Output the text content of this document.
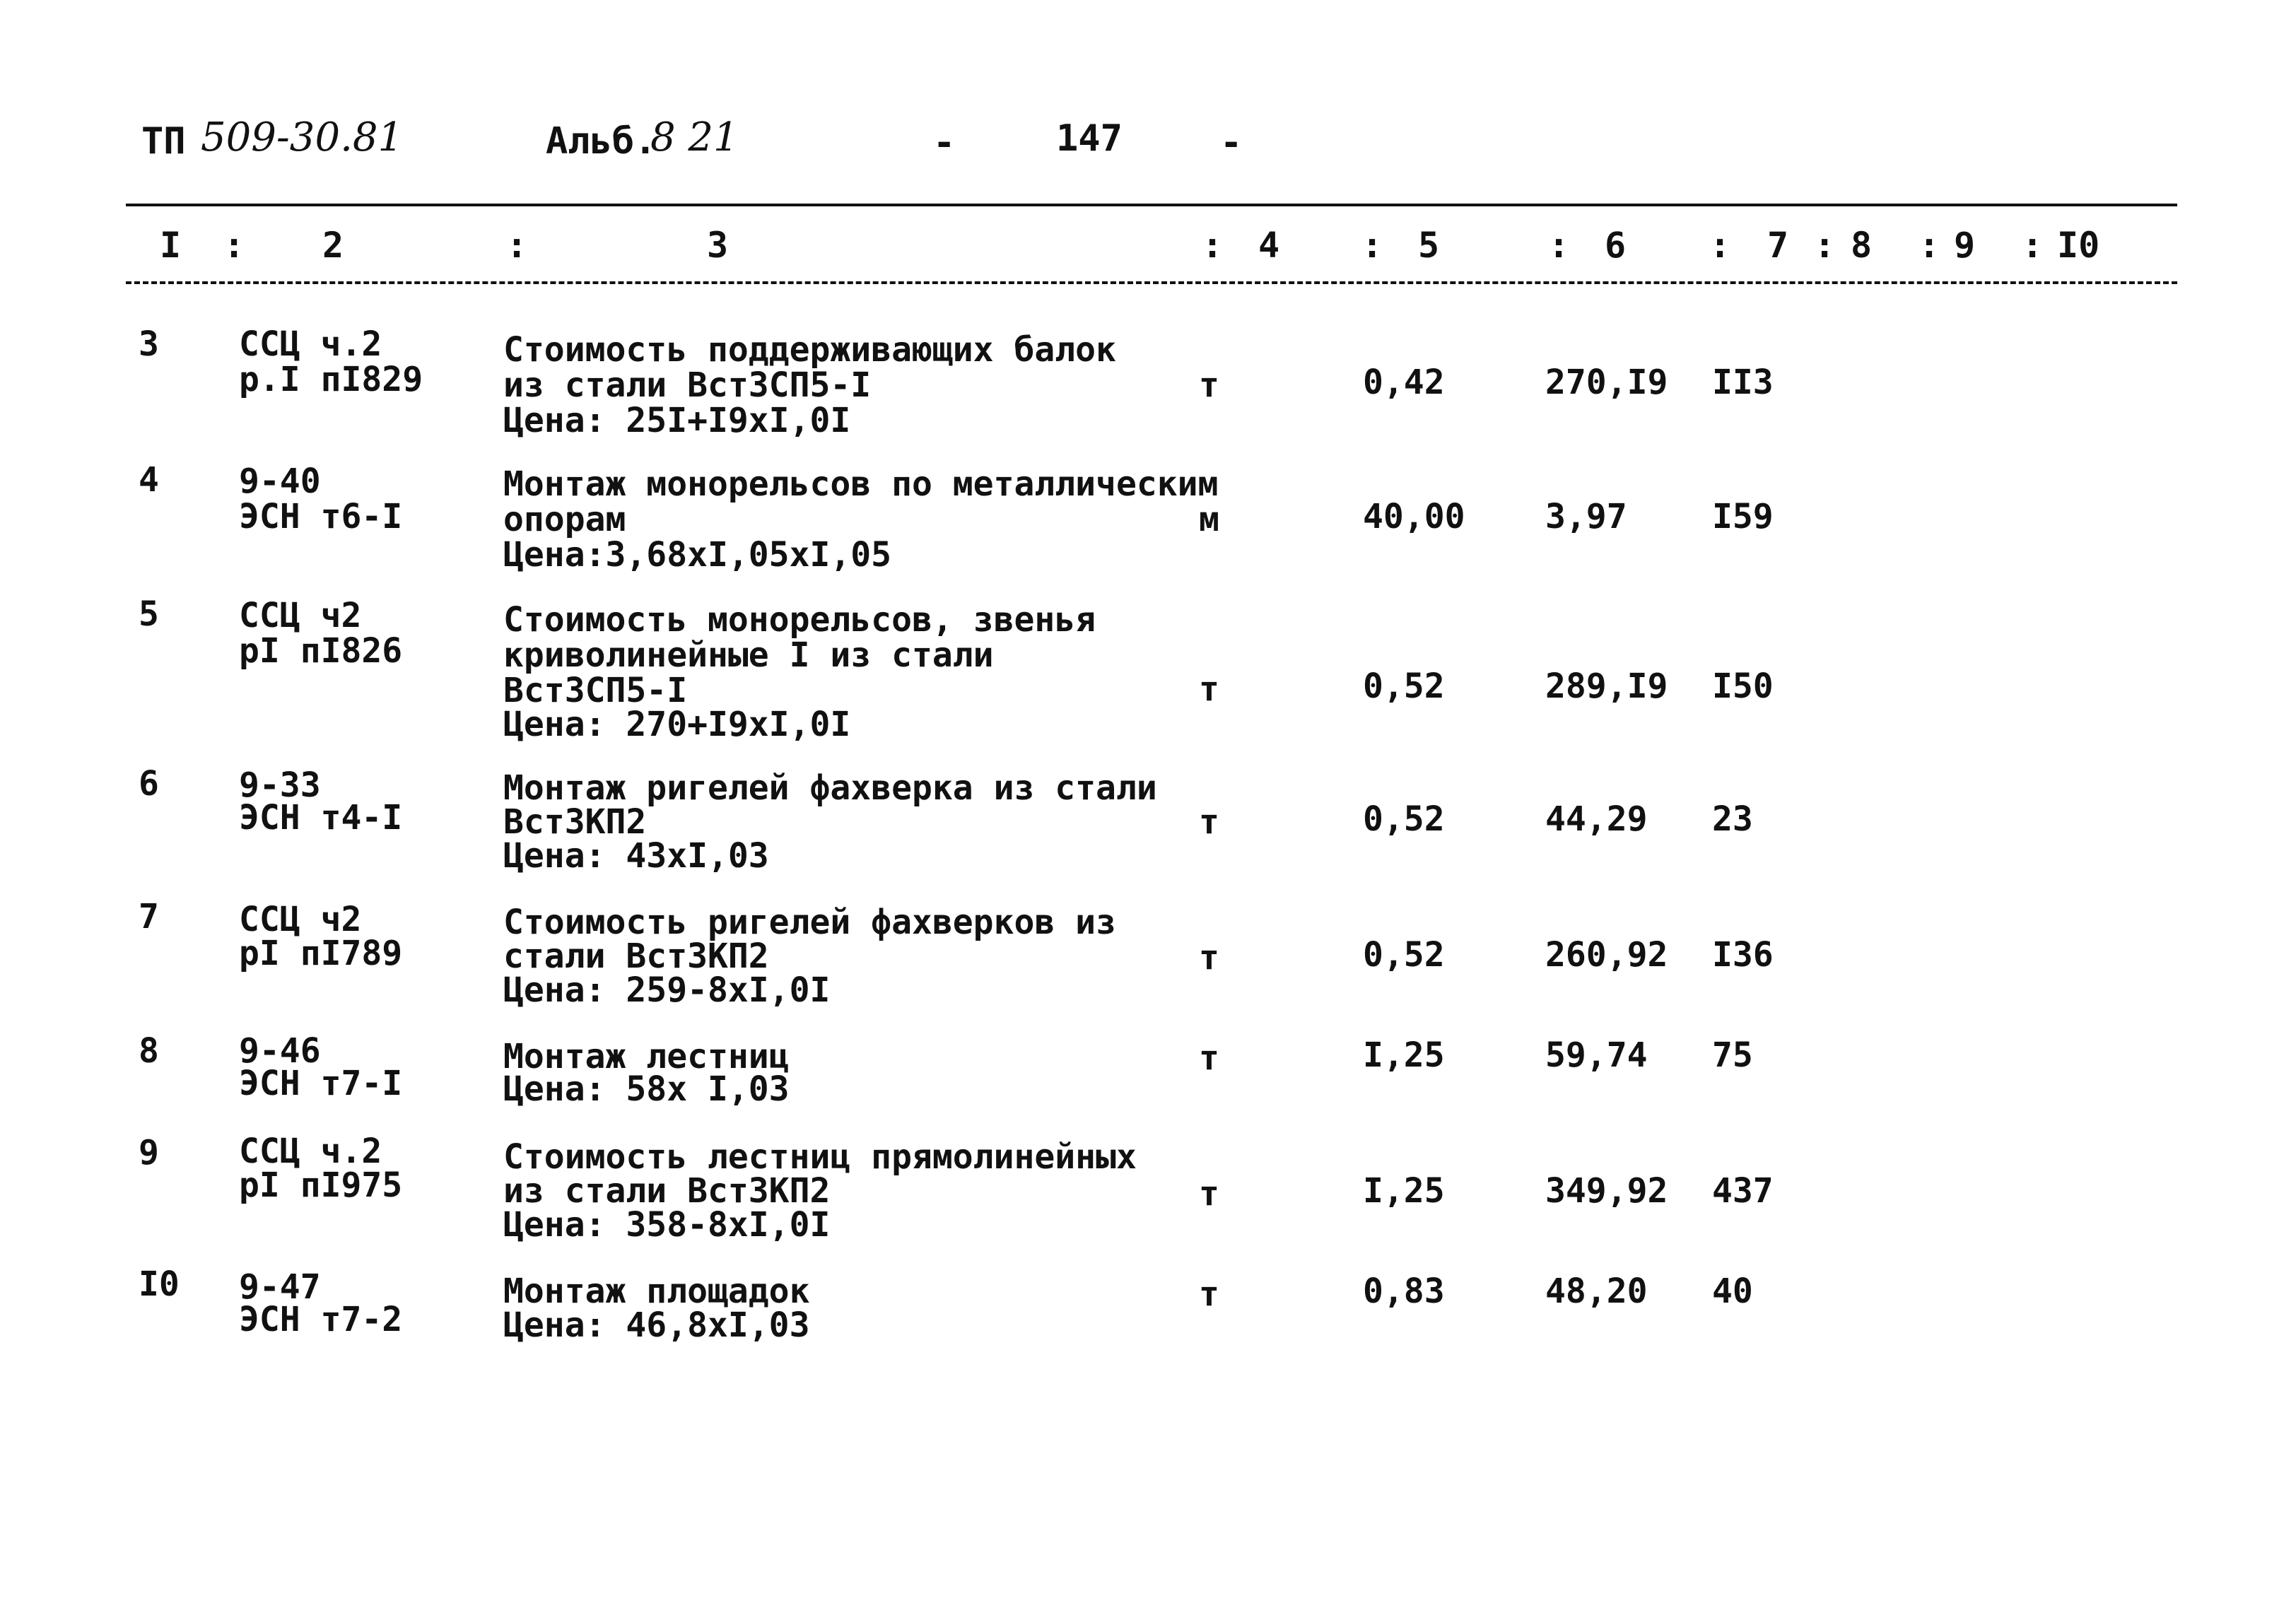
ТП 509-30.81	Альб.
8 21	-	147	-
I : 2	:	3	: 4 : 5	: 6 : 7 : 8 : 9 : I0
3 ССЦ ч.2
р.I пI829
Стоимость поддерживающих балок
из стали ВстЗСП5-I
Цена: 25I+I9xI,0I
т	0,42	270,I9 II3
4 9-40
ЭСН т6-I
Монтаж монорельсов по металлическим
опорам
Цена:3,68xI,05xI,05
м	40,00 3,97	I59
5 ССЦ ч2
рI пI826
Стоимость монорельсов, звенья
криволинейные I из стали
ВстЗСП5-I
Цена: 270+I9xI,0I
т	0,52	289,I9 I50
6 9-33
ЭСН т4-I
Монтаж ригелей фахверка из стали
ВстЗКП2
Цена: 43xI,03
т	0,52	44,29 23
7 ССЦ ч2
рI пI789
Стоимость ригелей фахверков из
стали ВстЗКП2
Цена: 259-8xI,0I
т	0,52	260,92 I36
8 9-46
ЭСН т7-I
Монтаж лестниц
Цена: 58x I,03
т	I,25	59,74 75
9 ССЦ ч.2
рI пI975
Стоимость лестниц прямолинейных
из стали ВстЗКП2
Цена: 358-8xI,0I
т	I,25	349,92 437
I0 9-47
ЭСН т7-2
Монтаж площадок
Цена: 46,8xI,03
т	0,83	48,20 40
